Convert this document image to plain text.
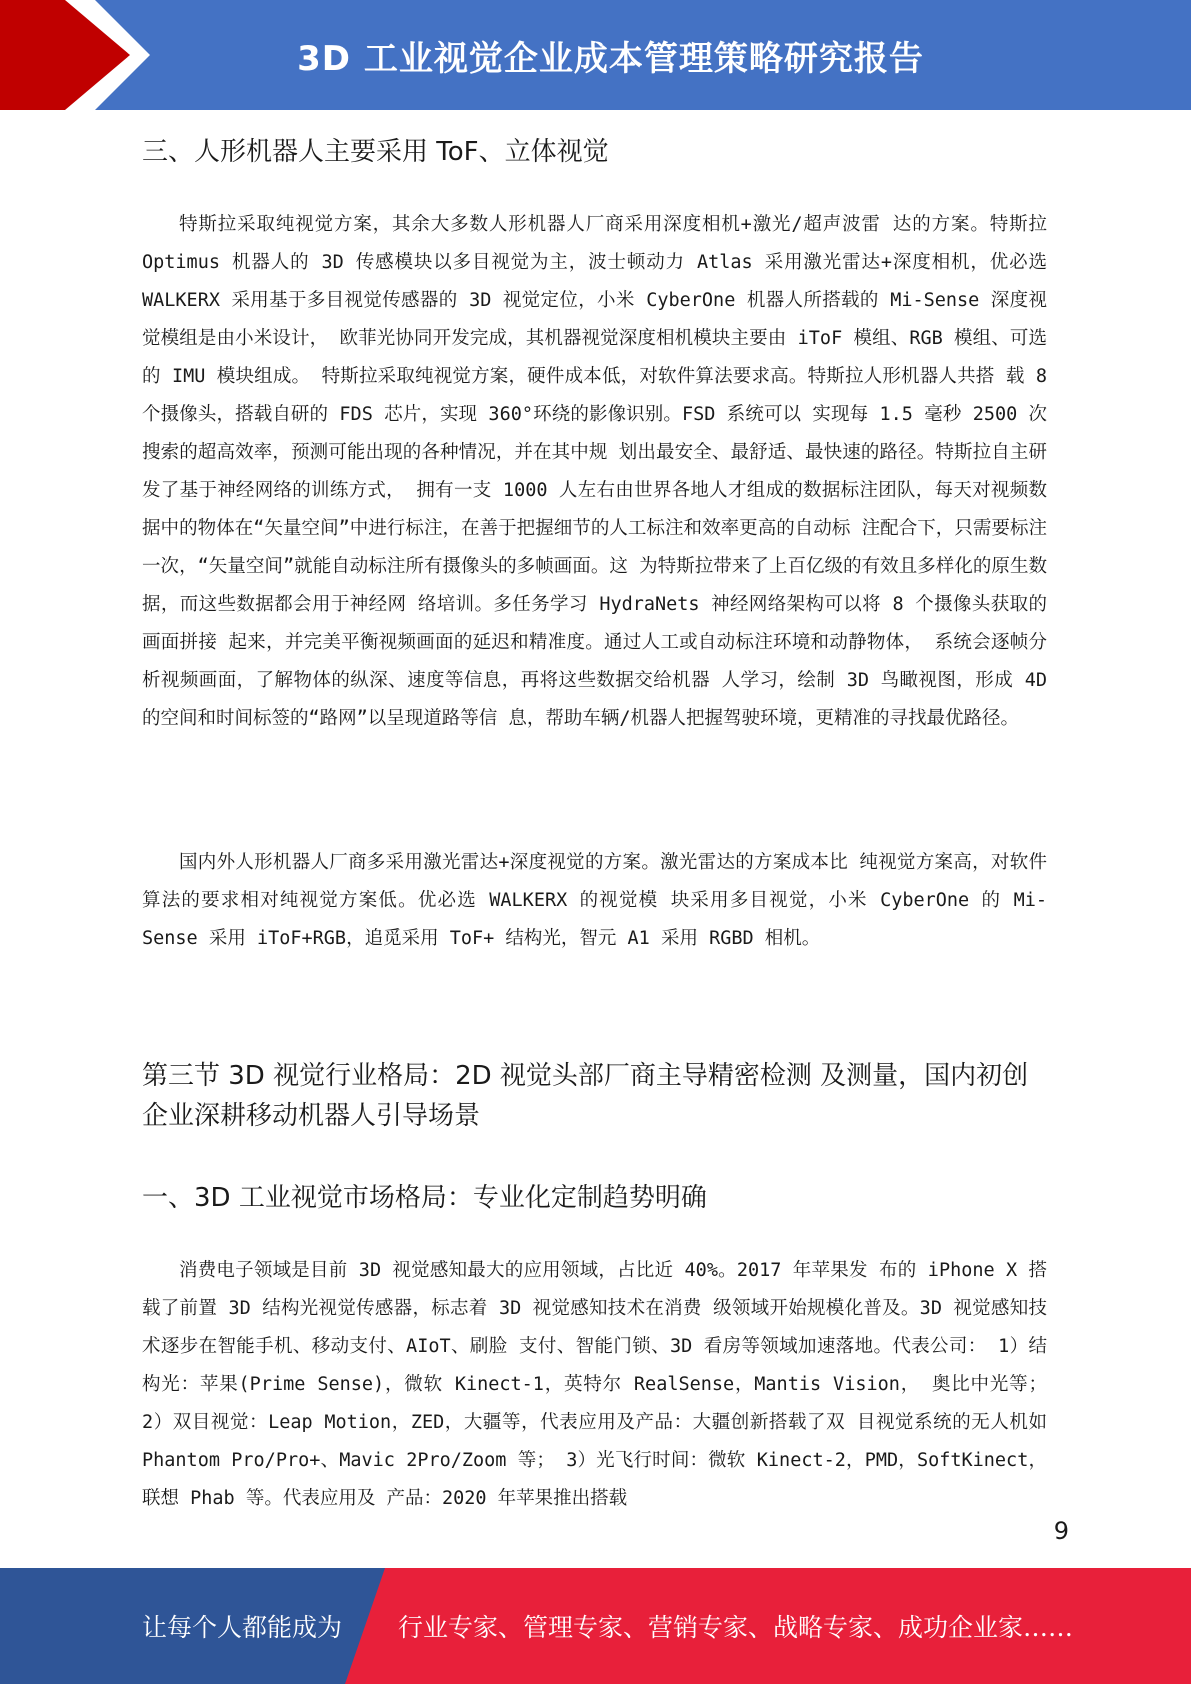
3D 工业视觉企业成本管理策略研究报告
三、人形机器人主要采用 ToF、立体视觉

特斯拉采取纯视觉方案，其余大多数人形机器人厂商采用深度相机+激光/超声波雷 达的方案。特斯拉 Optimus 机器人的 3D 传感模块以多目视觉为主，波士顿动力 Atlas 采用激光雷达+深度相机，优必选 WALKERX 采用基于多目视觉传感器的 3D 视觉定位，小米 CyberOne 机器人所搭载的 Mi-Sense 深度视觉模组是由小米设计， 欧菲光协同开发完成，其机器视觉深度相机模块主要由 iToF 模组、RGB 模组、可选 的 IMU 模块组成。 特斯拉采取纯视觉方案，硬件成本低，对软件算法要求高。特斯拉人形机器人共搭 载 8 个摄像头，搭载自研的 FDS 芯片，实现 360°环绕的影像识别。FSD 系统可以 实现每 1.5 毫秒 2500 次搜索的超高效率，预测可能出现的各种情况，并在其中规 划出最安全、最舒适、最快速的路径。特斯拉自主研发了基于神经网络的训练方式， 拥有一支 1000 人左右由世界各地人才组成的数据标注团队，每天对视频数据中的物体在“矢量空间”中进行标注，在善于把握细节的人工标注和效率更高的自动标 注配合下，只需要标注一次，“矢量空间”就能自动标注所有摄像头的多帧画面。这 为特斯拉带来了上百亿级的有效且多样化的原生数据，而这些数据都会用于神经网 络培训。多任务学习 HydraNets 神经网络架构可以将 8 个摄像头获取的画面拼接 起来，并完美平衡视频画面的延迟和精准度。通过人工或自动标注环境和动静物体， 系统会逐帧分析视频画面，了解物体的纵深、速度等信息，再将这些数据交给机器 人学习，绘制 3D 鸟瞰视图，形成 4D 的空间和时间标签的“路网”以呈现道路等信 息，帮助车辆/机器人把握驾驶环境，更精准的寻找最优路径。

国内外人形机器人厂商多采用激光雷达+深度视觉的方案。激光雷达的方案成本比 纯视觉方案高，对软件算法的要求相对纯视觉方案低。优必选 WALKERX 的视觉模 块采用多目视觉，小米 CyberOne 的 Mi-Sense 采用 iToF+RGB，追觅采用 ToF+ 结构光，智元 A1 采用 RGBD 相机。

第三节 3D 视觉行业格局：2D 视觉头部厂商主导精密检测 及测量，国内初创企业深耕移动机器人引导场景
一、3D 工业视觉市场格局：专业化定制趋势明确

消费电子领域是目前 3D 视觉感知最大的应用领域，占比近 40%。2017 年苹果发 布的 iPhone X 搭载了前置 3D 结构光视觉传感器，标志着 3D 视觉感知技术在消费 级领域开始规模化普及。3D 视觉感知技术逐步在智能手机、移动支付、AIoT、刷脸 支付、智能门锁、3D 看房等领域加速落地。代表公司： 1）结构光：苹果(Prime Sense)，微软 Kinect-1，英特尔 RealSense，Mantis Vision， 奥比中光等； 2）双目视觉：Leap Motion，ZED，大疆等，代表应用及产品：大疆创新搭载了双 目视觉系统的无人机如 Phantom Pro/Pro+、Mavic 2Pro/Zoom 等； 3）光飞行时间：微软 Kinect-2，PMD，SoftKinect，联想 Phab 等。代表应用及 产品：2020 年苹果推出搭载

9
让每个人都能成为 行业专家、管理专家、营销专家、战略专家、成功企业家……
